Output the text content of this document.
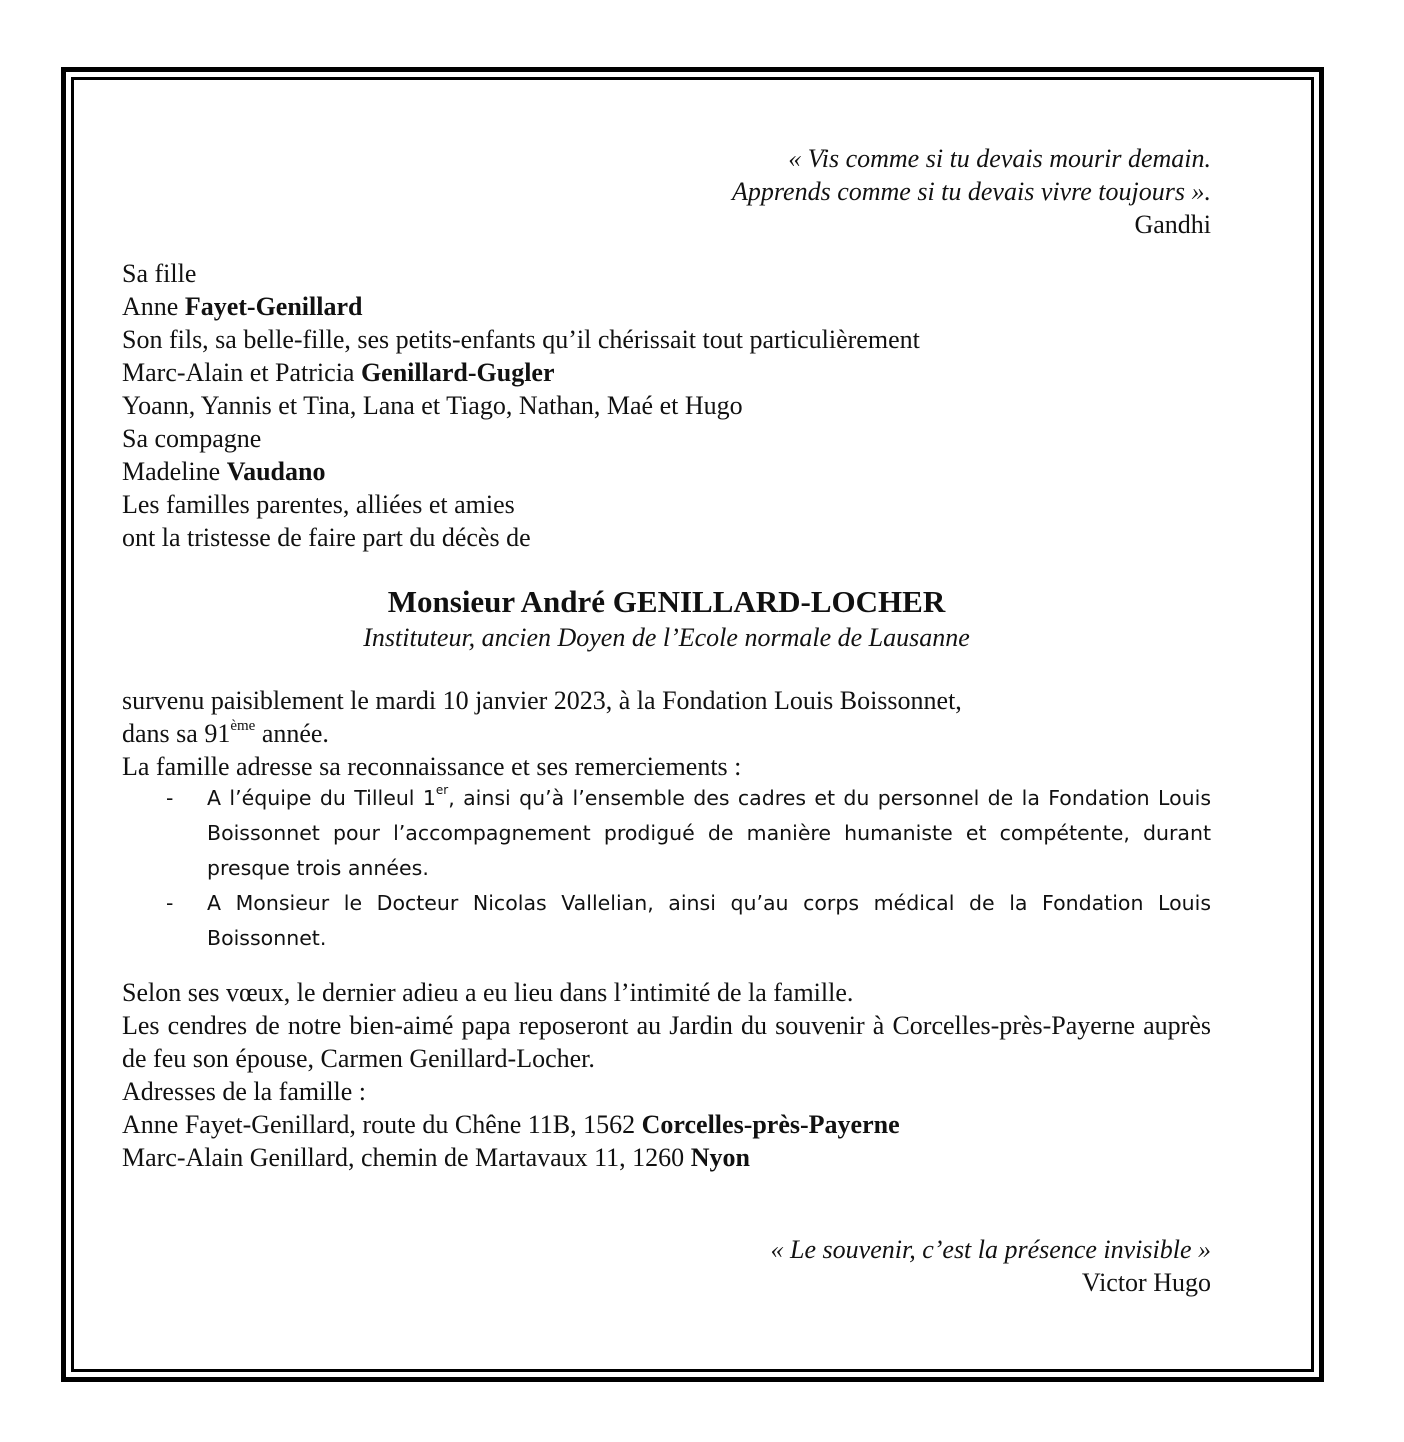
« Vis comme si tu devais mourir demain.
Apprends comme si tu devais vivre toujours ».
Gandhi
Sa fille
Anne Fayet-Genillard
Son fils, sa belle-fille, ses petits-enfants qu’il chérissait tout particulièrement
Marc-Alain et Patricia Genillard-Gugler
Yoann, Yannis et Tina, Lana et Tiago, Nathan, Maé et Hugo
Sa compagne
Madeline Vaudano
Les familles parentes, alliées et amies
ont la tristesse de faire part du décès de
Monsieur André GENILLARD-LOCHER
Instituteur, ancien Doyen de l’Ecole normale de Lausanne
survenu paisiblement le mardi 10 janvier 2023, à la Fondation Louis Boissonnet,
dans sa 91ème année.
La famille adresse sa reconnaissance et ses remerciements :
- A l’équipe du Tilleul 1er, ainsi qu’à l’ensemble des cadres et du personnel de la Fondation Louis Boissonnet pour l’accompagnement prodigué de manière humaniste et compétente, durant presque trois années.
- A Monsieur le Docteur Nicolas Vallelian, ainsi qu’au corps médical de la Fondation Louis Boissonnet.
Selon ses vœux, le dernier adieu a eu lieu dans l’intimité de la famille.
Les cendres de notre bien-aimé papa reposeront au Jardin du souvenir à Corcelles-près-Payerne auprès de feu son épouse, Carmen Genillard-Locher.
Adresses de la famille :
Anne Fayet-Genillard, route du Chêne 11B, 1562 Corcelles-près-Payerne
Marc-Alain Genillard, chemin de Martavaux 11, 1260 Nyon
« Le souvenir, c’est la présence invisible »
Victor Hugo
